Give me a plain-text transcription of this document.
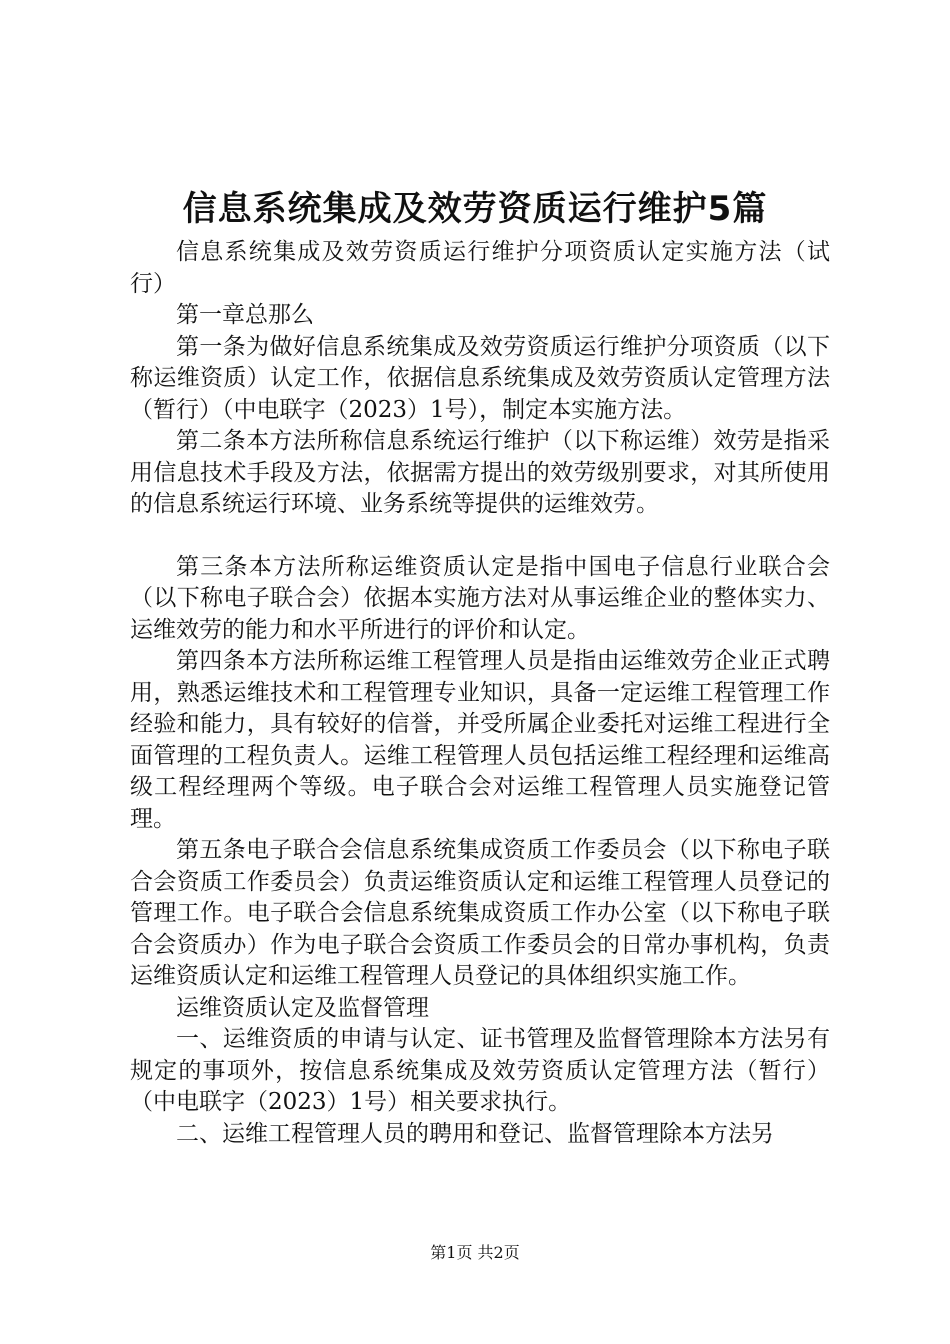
信息系统集成及效劳资质运行维护5篇

信息系统集成及效劳资质运行维护分项资质认定实施方法（试行）

第一章总那么

第一条为做好信息系统集成及效劳资质运行维护分项资质（以下称运维资质）认定工作，依据信息系统集成及效劳资质认定管理方法（暂行）（中电联字（2023）1号），制定本实施方法。

第二条本方法所称信息系统运行维护（以下称运维）效劳是指采用信息技术手段及方法，依据需方提出的效劳级别要求，对其所使用的信息系统运行环境、业务系统等提供的运维效劳。

第三条本方法所称运维资质认定是指中国电子信息行业联合会（以下称电子联合会）依据本实施方法对从事运维企业的整体实力、运维效劳的能力和水平所进行的评价和认定。

第四条本方法所称运维工程管理人员是指由运维效劳企业正式聘用，熟悉运维技术和工程管理专业知识，具备一定运维工程管理工作经验和能力，具有较好的信誉，并受所属企业委托对运维工程进行全面管理的工程负责人。运维工程管理人员包括运维工程经理和运维高级工程经理两个等级。电子联合会对运维工程管理人员实施登记管理。

第五条电子联合会信息系统集成资质工作委员会（以下称电子联合会资质工作委员会）负责运维资质认定和运维工程管理人员登记的管理工作。电子联合会信息系统集成资质工作办公室（以下称电子联合会资质办）作为电子联合会资质工作委员会的日常办事机构，负责运维资质认定和运维工程管理人员登记的具体组织实施工作。

运维资质认定及监督管理

一、运维资质的申请与认定、证书管理及监督管理除本方法另有规定的事项外，按信息系统集成及效劳资质认定管理方法（暂行）（中电联字（2023）1号）相关要求执行。

二、运维工程管理人员的聘用和登记、监督管理除本方法另

第1页 共2页
